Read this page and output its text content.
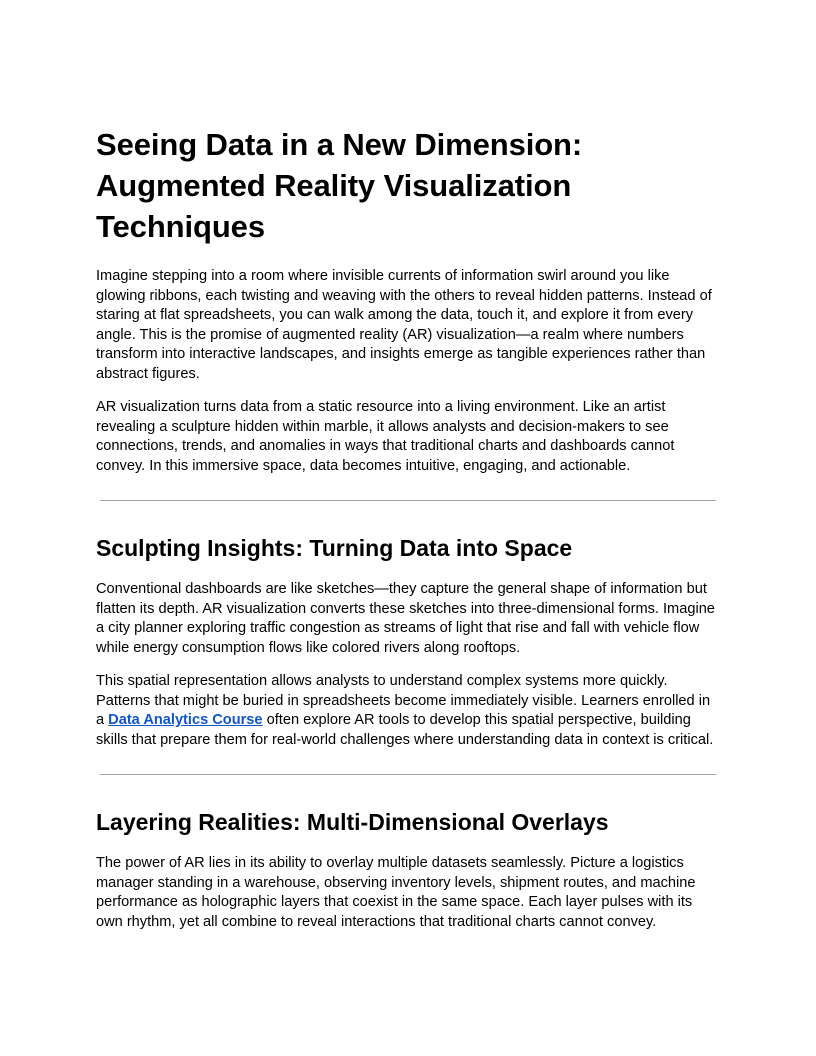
Seeing Data in a New Dimension: Augmented Reality Visualization Techniques

Imagine stepping into a room where invisible currents of information swirl around you like glowing ribbons, each twisting and weaving with the others to reveal hidden patterns. Instead of staring at flat spreadsheets, you can walk among the data, touch it, and explore it from every angle. This is the promise of augmented reality (AR) visualization—a realm where numbers transform into interactive landscapes, and insights emerge as tangible experiences rather than abstract figures.

AR visualization turns data from a static resource into a living environment. Like an artist revealing a sculpture hidden within marble, it allows analysts and decision-makers to see connections, trends, and anomalies in ways that traditional charts and dashboards cannot convey. In this immersive space, data becomes intuitive, engaging, and actionable.

Sculpting Insights: Turning Data into Space

Conventional dashboards are like sketches—they capture the general shape of information but flatten its depth. AR visualization converts these sketches into three-dimensional forms. Imagine a city planner exploring traffic congestion as streams of light that rise and fall with vehicle flow while energy consumption flows like colored rivers along rooftops.

This spatial representation allows analysts to understand complex systems more quickly. Patterns that might be buried in spreadsheets become immediately visible. Learners enrolled in a Data Analytics Course often explore AR tools to develop this spatial perspective, building skills that prepare them for real-world challenges where understanding data in context is critical.

Layering Realities: Multi-Dimensional Overlays

The power of AR lies in its ability to overlay multiple datasets seamlessly. Picture a logistics manager standing in a warehouse, observing inventory levels, shipment routes, and machine performance as holographic layers that coexist in the same space. Each layer pulses with its own rhythm, yet all combine to reveal interactions that traditional charts cannot convey.
